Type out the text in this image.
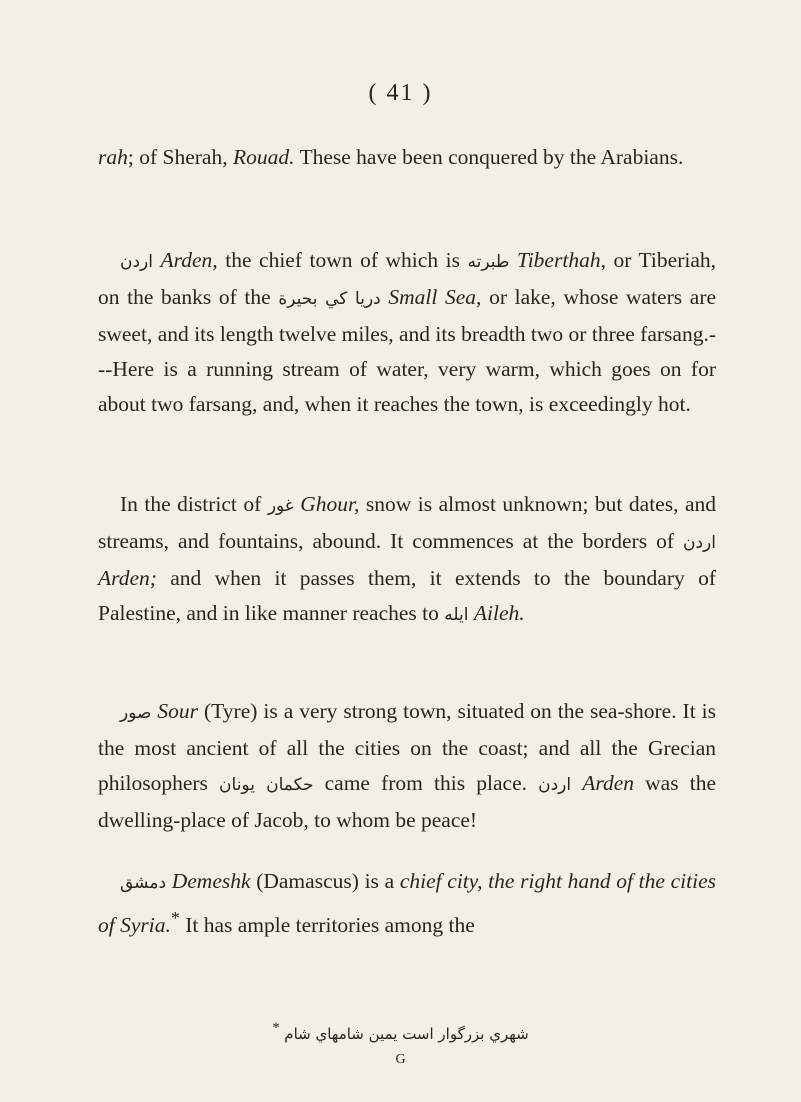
( 41 )

rah; of Sherah, Rouad. These have been conquered by the Arabians.

اردن Arden, the chief town of which is طبرته Tiberthah, or Tiberiah, on the banks of the بحيرة دريا كي Small Sea, or lake, whose waters are sweet, and its length twelve miles, and its breadth two or three farsang.---Here is a running stream of water, very warm, which goes on for about two farsang, and, when it reaches the town, is exceedingly hot.

In the district of غور Ghour, snow is almost unknown; but dates, and streams, and fountains, abound. It commences at the borders of اردن Arden; and when it passes them, it extends to the boundary of Palestine, and in like manner reaches to ايله Aileh.

صور Sour (Tyre) is a very strong town, situated on the sea-shore. It is the most ancient of all the cities on the coast; and all the Grecian philosophers يونان حكمان came from this place. اردن Arden was the dwelling-place of Jacob, to whom be peace!

دمشق Demeshk (Damascus) is a chief city, the right hand of the cities of Syria.* It has ample territories among the

* شهري بزرگوار است يمين شامهاي شام
G
